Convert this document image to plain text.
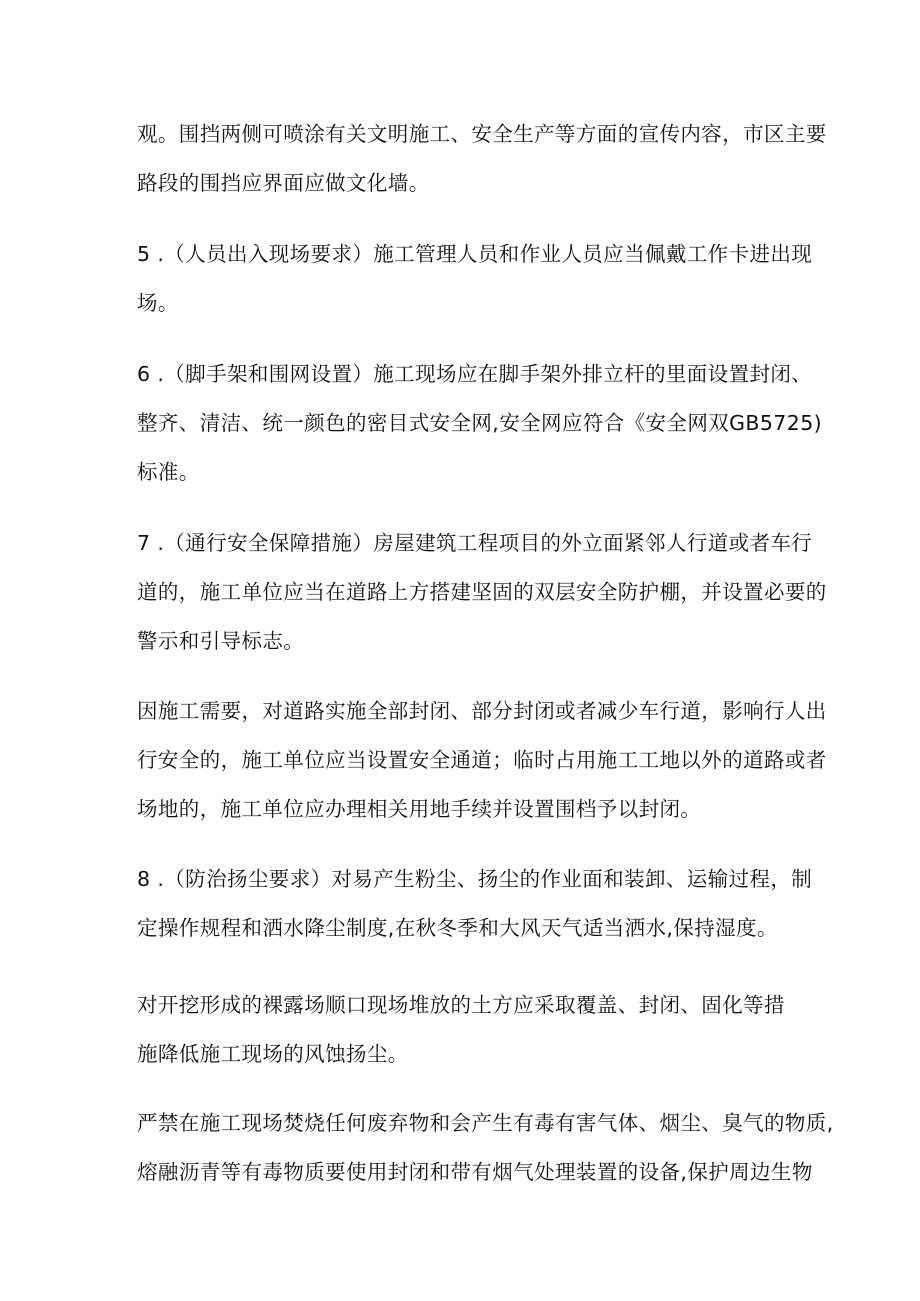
观。围挡两侧可喷涂有关文明施工、安全生产等方面的宣传内容，市区主要
路段的围挡应界面应做文化墙。
5 .（人员出入现场要求）施工管理人员和作业人员应当佩戴工作卡进出现
场。
6 .（脚手架和围网设置）施工现场应在脚手架外排立杆的里面设置封闭、
整齐、清洁、统一颜色的密目式安全网,安全网应符合《安全网双GB5725)
标准。
7 .（通行安全保障措施）房屋建筑工程项目的外立面紧邻人行道或者车行
道的，施工单位应当在道路上方搭建坚固的双层安全防护棚，并设置必要的
警示和引导标志。
因施工需要，对道路实施全部封闭、部分封闭或者减少车行道，影响行人出
行安全的，施工单位应当设置安全通道；临时占用施工工地以外的道路或者
场地的，施工单位应办理相关用地手续并设置围档予以封闭。
8 .（防治扬尘要求）对易产生粉尘、扬尘的作业面和装卸、运输过程，制
定操作规程和洒水降尘制度,在秋冬季和大风天气适当洒水,保持湿度。
对开挖形成的裸露场顺口现场堆放的土方应采取覆盖、封闭、固化等措
施降低施工现场的风蚀扬尘。
严禁在施工现场焚烧任何废弃物和会产生有毒有害气体、烟尘、臭气的物质,
熔融沥青等有毒物质要使用封闭和带有烟气处理装置的设备,保护周边生物
